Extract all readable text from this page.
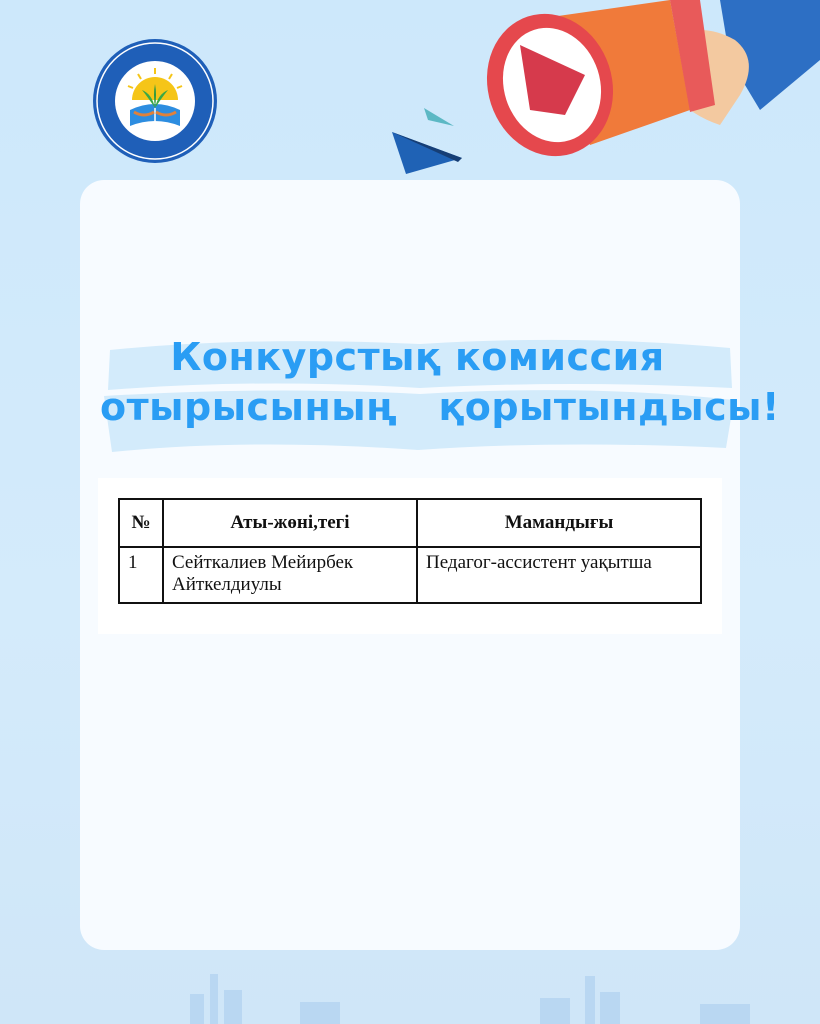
Конкурстық комиссия
отырысының   қорытындысы!
№	Аты-жөні,тегі	Мамандығы
1	Сейткалиев Мейирбек Айткелдиулы	Педагог-ассистент уақытша
